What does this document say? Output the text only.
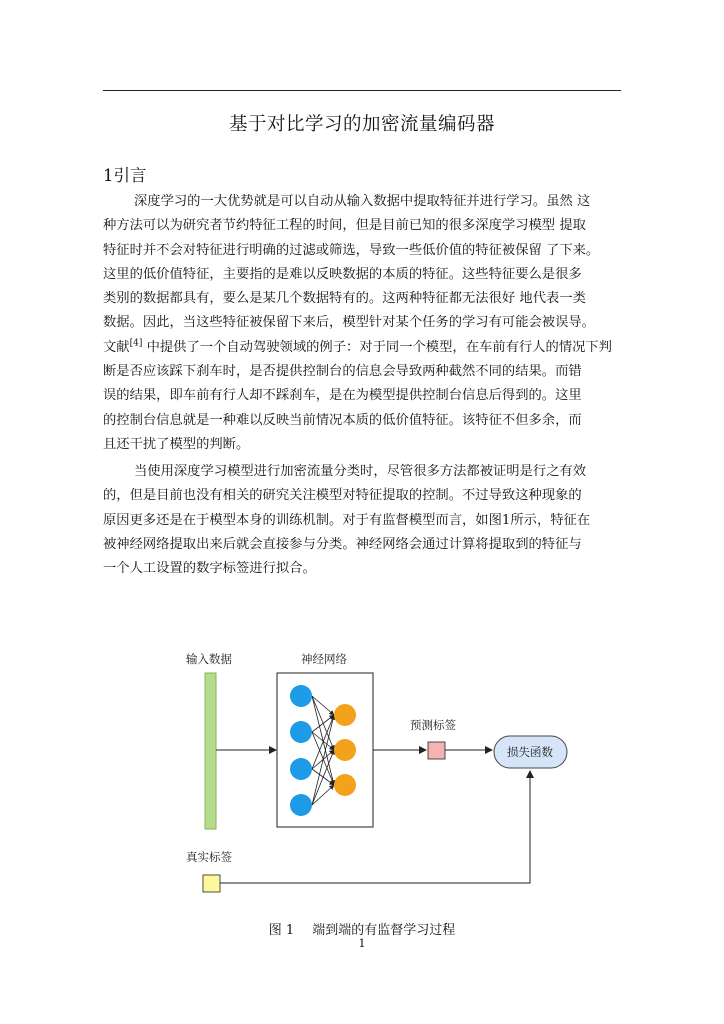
基于对比学习的加密流量编码器
1引言
深度学习的一大优势就是可以自动从输入数据中提取特征并进行学习。虽然 这
种方法可以为研究者节约特征工程的时间，但是目前已知的很多深度学习模型 提取
特征时并不会对特征进行明确的过滤或筛选，导致一些低价值的特征被保留 了下来。
这里的低价值特征，主要指的是难以反映数据的本质的特征。这些特征要么是很多
类别的数据都具有，要么是某几个数据特有的。这两种特征都无法很好 地代表一类
数据。因此，当这些特征被保留下来后，模型针对某个任务的学习有可能会被误导。
文献[4] 中提供了一个自动驾驶领域的例子：对于同一个模型，在车前有行人的情况下判
断是否应该踩下刹车时，是否提供控制台的信息会导致两种截然不同的结果。而错
误的结果，即车前有行人却不踩刹车，是在为模型提供控制台信息后得到的。这里
的控制台信息就是一种难以反映当前情况本质的低价值特征。该特征不但多余，而
且还干扰了模型的判断。
当使用深度学习模型进行加密流量分类时，尽管很多方法都被证明是行之有效
的，但是目前也没有相关的研究关注模型对特征提取的控制。不过导致这种现象的
原因更多还是在于模型本身的训练机制。对于有监督模型而言，如图1所示，特征在
被神经网络提取出来后就会直接参与分类。神经网络会通过计算将提取到的特征与
一个人工设置的数字标签进行拟合。
输入数据	神经网络
预测标签
真实标签
损失函数
图 1 端到端的有监督学习过程
1
